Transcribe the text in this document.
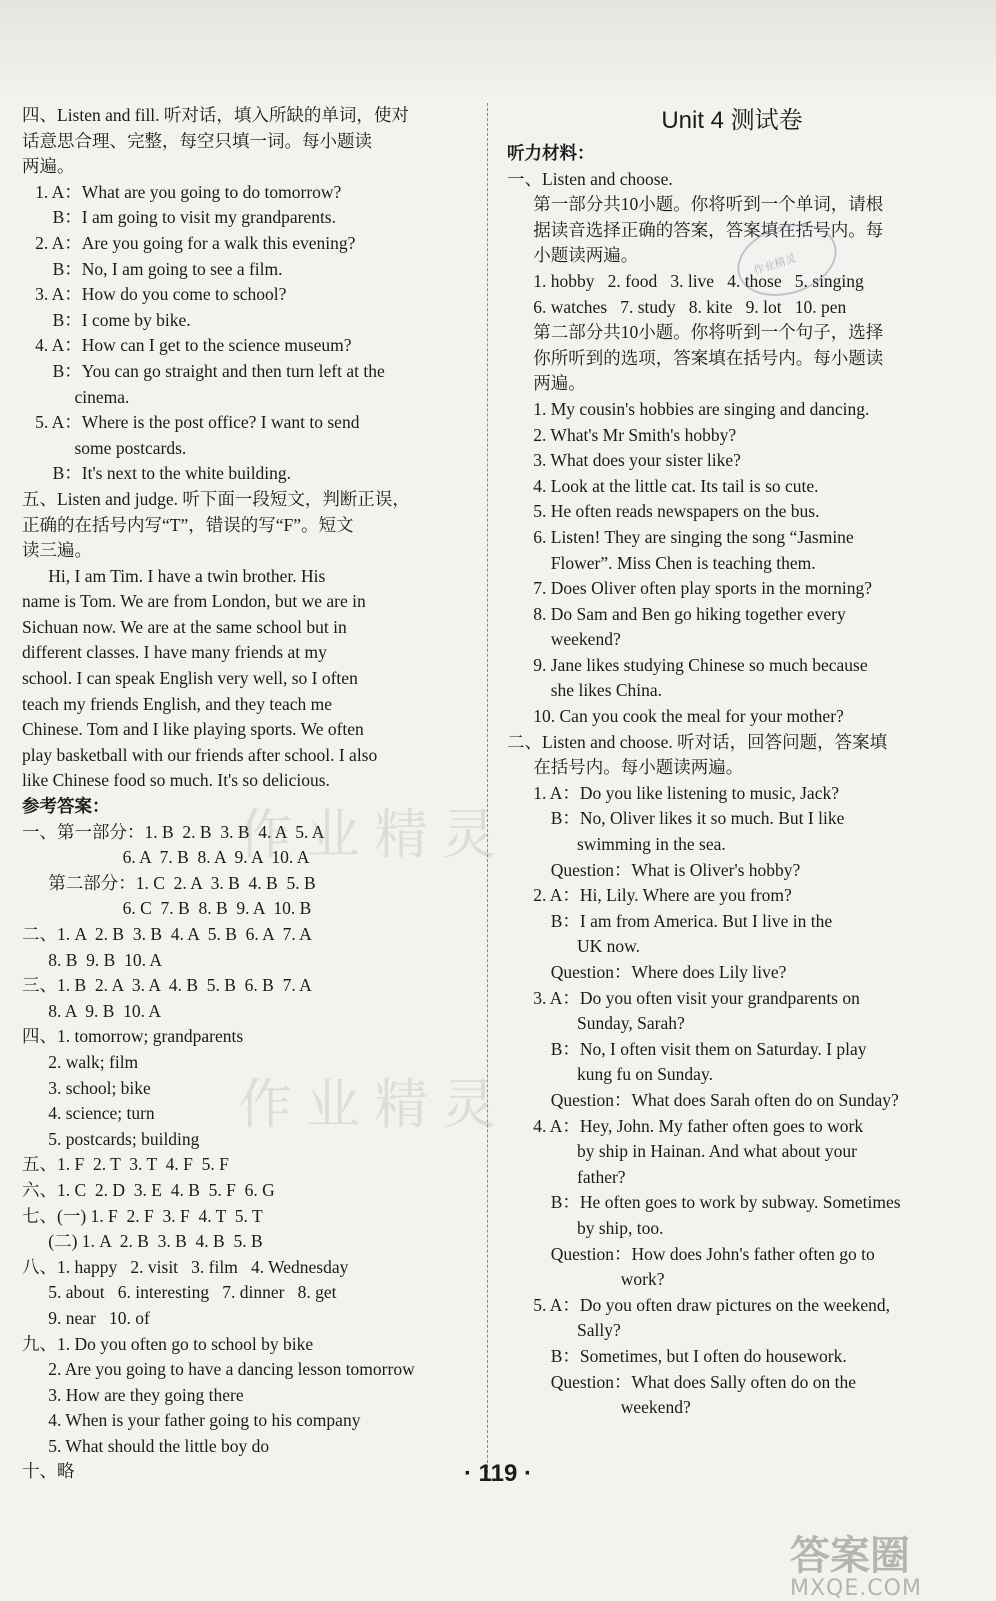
四、Listen and fill. 听对话，填入所缺的单词，使对
话意思合理、完整，每空只填一词。每小题读
两遍。
1. A：What are you going to do tomorrow?
B：I am going to visit my grandparents.
2. A：Are you going for a walk this evening?
B：No, I am going to see a film.
3. A：How do you come to school?
B：I come by bike.
4. A：How can I get to the science museum?
B：You can go straight and then turn left at the
cinema.
5. A：Where is the post office? I want to send
some postcards.
B：It's next to the white building.
五、Listen and judge. 听下面一段短文，判断正误，
正确的在括号内写“T”，错误的写“F”。短文
读三遍。
Hi, I am Tim. I have a twin brother. His
name is Tom. We are from London, but we are in
Sichuan now. We are at the same school but in
different classes. I have many friends at my
school. I can speak English very well, so I often
teach my friends English, and they teach me
Chinese. Tom and I like playing sports. We often
play basketball with our friends after school. I also
like Chinese food so much. It's so delicious.
参考答案：
一、第一部分：1. B  2. B  3. B  4. A  5. A
6. A  7. B  8. A  9. A  10. A
第二部分：1. C  2. A  3. B  4. B  5. B
6. C  7. B  8. B  9. A  10. B
二、1. A  2. B  3. B  4. A  5. B  6. A  7. A
8. B  9. B  10. A
三、1. B  2. A  3. A  4. B  5. B  6. B  7. A
8. A  9. B  10. A
四、1. tomorrow; grandparents
2. walk; film
3. school; bike
4. science; turn
5. postcards; building
五、1. F  2. T  3. T  4. F  5. F
六、1. C  2. D  3. E  4. B  5. F  6. G
七、(一) 1. F  2. F  3. F  4. T  5. T
(二) 1. A  2. B  3. B  4. B  5. B
八、1. happy   2. visit   3. film   4. Wednesday
5. about   6. interesting   7. dinner   8. get
9. near   10. of
九、1. Do you often go to school by bike
2. Are you going to have a dancing lesson tomorrow
3. How are they going there
4. When is your father going to his company
5. What should the little boy do
十、略
Unit 4 测试卷
听力材料：
一、Listen and choose.
第一部分共10小题。你将听到一个单词，请根
据读音选择正确的答案，答案填在括号内。每
小题读两遍。
1. hobby   2. food   3. live   4. those   5. singing
6. watches   7. study   8. kite   9. lot   10. pen
第二部分共10小题。你将听到一个句子，选择
你所听到的选项，答案填在括号内。每小题读
两遍。
1. My cousin's hobbies are singing and dancing.
2. What's Mr Smith's hobby?
3. What does your sister like?
4. Look at the little cat. Its tail is so cute.
5. He often reads newspapers on the bus.
6. Listen! They are singing the song “Jasmine
Flower”. Miss Chen is teaching them.
7. Does Oliver often play sports in the morning?
8. Do Sam and Ben go hiking together every
weekend?
9. Jane likes studying Chinese so much because
she likes China.
10. Can you cook the meal for your mother?
二、Listen and choose. 听对话，回答问题，答案填
在括号内。每小题读两遍。
1. A：Do you like listening to music, Jack?
B：No, Oliver likes it so much. But I like
swimming in the sea.
Question：What is Oliver's hobby?
2. A：Hi, Lily. Where are you from?
B：I am from America. But I live in the
UK now.
Question：Where does Lily live?
3. A：Do you often visit your grandparents on
Sunday, Sarah?
B：No, I often visit them on Saturday. I play
kung fu on Sunday.
Question：What does Sarah often do on Sunday?
4. A：Hey, John. My father often goes to work
by ship in Hainan. And what about your
father?
B：He often goes to work by subway. Sometimes
by ship, too.
Question：How does John's father often go to
work?
5. A：Do you often draw pictures on the weekend,
Sally?
B：Sometimes, but I often do housework.
Question：What does Sally often do on the
weekend?
作业精灵
作业精灵
作业精灵
· 119 ·
答案圈
MXQE.COM
